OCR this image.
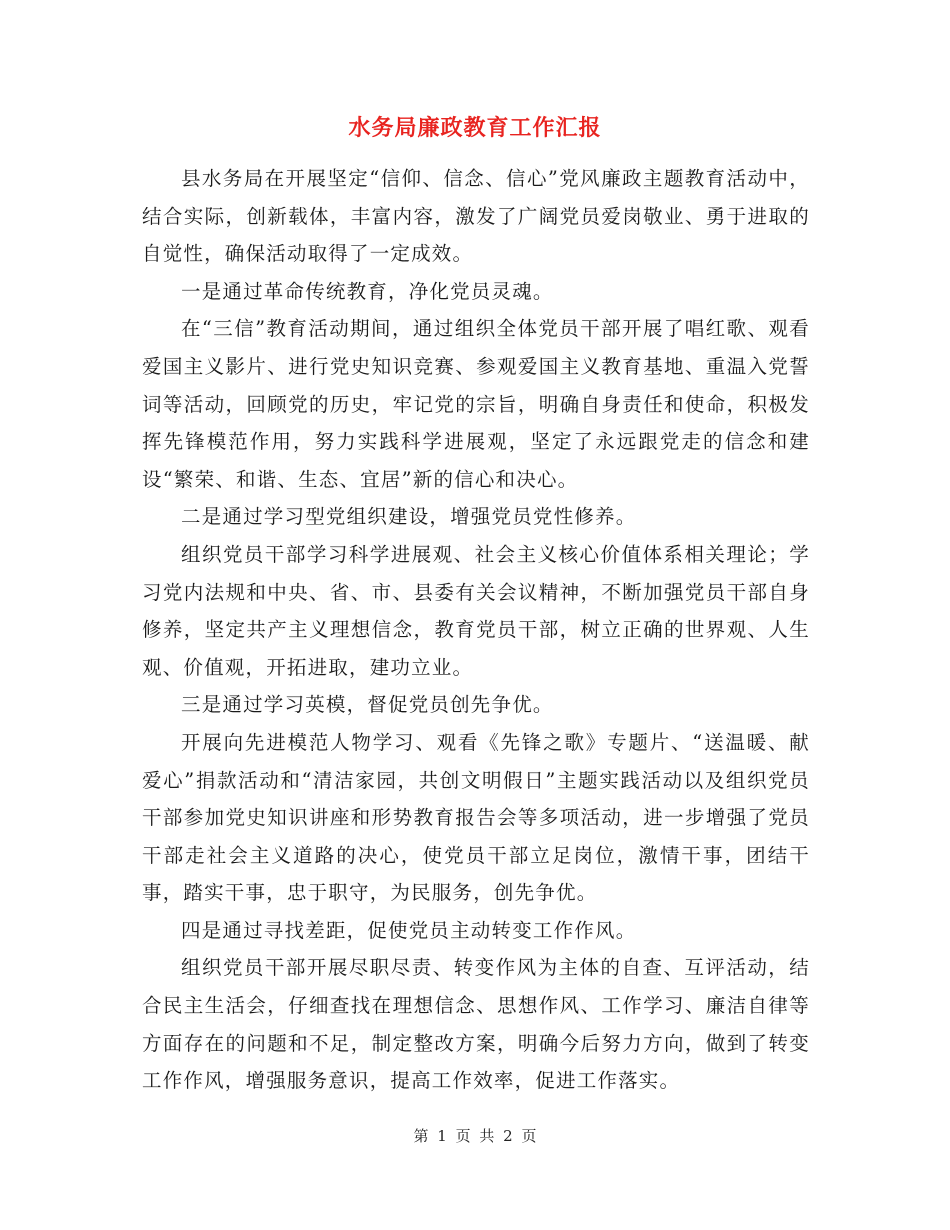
水务局廉政教育工作汇报

县水务局在开展坚定“信仰、信念、信心”党风廉政主题教育活动中，结合实际，创新载体，丰富内容，激发了广阔党员爱岗敬业、勇于进取的自觉性，确保活动取得了一定成效。

一是通过革命传统教育，净化党员灵魂。

在“三信”教育活动期间，通过组织全体党员干部开展了唱红歌、观看爱国主义影片、进行党史知识竞赛、参观爱国主义教育基地、重温入党誓词等活动，回顾党的历史，牢记党的宗旨，明确自身责任和使命，积极发挥先锋模范作用，努力实践科学进展观，坚定了永远跟党走的信念和建设“繁荣、和谐、生态、宜居”新的信心和决心。

二是通过学习型党组织建设，增强党员党性修养。

组织党员干部学习科学进展观、社会主义核心价值体系相关理论；学习党内法规和中央、省、市、县委有关会议精神，不断加强党员干部自身修养，坚定共产主义理想信念，教育党员干部，树立正确的世界观、人生观、价值观，开拓进取，建功立业。

三是通过学习英模，督促党员创先争优。

开展向先进模范人物学习、观看《先锋之歌》专题片、“送温暖、献爱心”捐款活动和“清洁家园，共创文明假日”主题实践活动以及组织党员干部参加党史知识讲座和形势教育报告会等多项活动，进一步增强了党员干部走社会主义道路的决心，使党员干部立足岗位，激情干事，团结干事，踏实干事，忠于职守，为民服务，创先争优。

四是通过寻找差距，促使党员主动转变工作作风。

组织党员干部开展尽职尽责、转变作风为主体的自查、互评活动，结合民主生活会，仔细查找在理想信念、思想作风、工作学习、廉洁自律等方面存在的问题和不足，制定整改方案，明确今后努力方向，做到了转变工作作风，增强服务意识，提高工作效率，促进工作落实。

第 1 页 共 2 页
